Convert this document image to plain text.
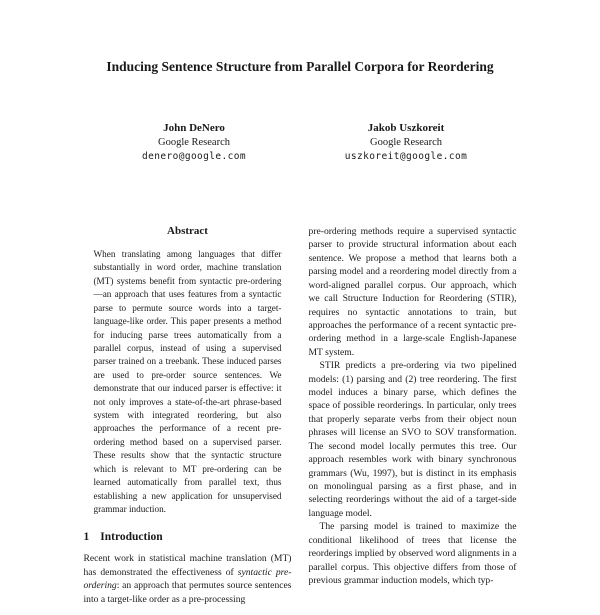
Inducing Sentence Structure from Parallel Corpora for Reordering
John DeNero
Google Research
denero@google.com
Jakob Uszkoreit
Google Research
uszkoreit@google.com
Abstract
When translating among languages that differ substantially in word order, machine translation (MT) systems benefit from syntactic pre-ordering—an approach that uses features from a syntactic parse to permute source words into a target-language-like order. This paper presents a method for inducing parse trees automatically from a parallel corpus, instead of using a supervised parser trained on a treebank. These induced parses are used to pre-order source sentences. We demonstrate that our induced parser is effective: it not only improves a state-of-the-art phrase-based system with integrated reordering, but also approaches the performance of a recent pre-ordering method based on a supervised parser. These results show that the syntactic structure which is relevant to MT pre-ordering can be learned automatically from parallel text, thus establishing a new application for unsupervised grammar induction.
1 Introduction

Recent work in statistical machine translation (MT) has demonstrated the effectiveness of syntactic pre-ordering: an approach that permutes source sentences into a target-like order as a pre-processing

pre-ordering methods require a supervised syntactic parser to provide structural information about each sentence. We propose a method that learns both a parsing model and a reordering model directly from a word-aligned parallel corpus. Our approach, which we call Structure Induction for Reordering (STIR), requires no syntactic annotations to train, but approaches the performance of a recent syntactic pre-ordering method in a large-scale English-Japanese MT system.

STIR predicts a pre-ordering via two pipelined models: (1) parsing and (2) tree reordering. The first model induces a binary parse, which defines the space of possible reorderings. In particular, only trees that properly separate verbs from their object noun phrases will license an SVO to SOV transformation. The second model locally permutes this tree. Our approach resembles work with binary synchronous grammars (Wu, 1997), but is distinct in its emphasis on monolingual parsing as a first phase, and in selecting reorderings without the aid of a target-side language model.

The parsing model is trained to maximize the conditional likelihood of trees that license the reorderings implied by observed word alignments in a parallel corpus. This objective differs from those of previous grammar induction models, which typ-
